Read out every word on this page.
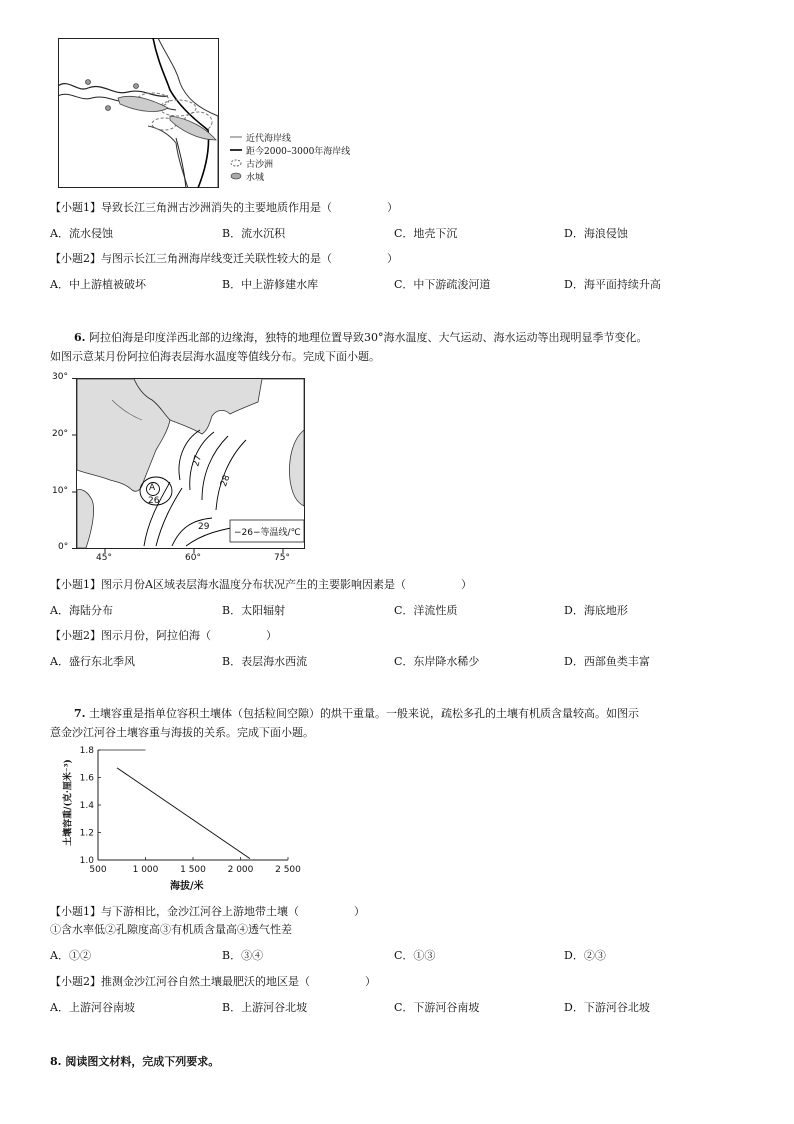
近代海岸线
距今2000–3000年海岸线
古沙洲
水城
【小题1】导致长江三角洲古沙洲消失的主要地质作用是（　　　　　）
A．流水侵蚀	B．流水沉积	C．地壳下沉	D．海浪侵蚀
【小题2】与图示长江三角洲海岸线变迁关联性较大的是（　　　　　）
A．中上游植被破坏	B．中上游修建水库	C．中下游疏浚河道	D．海平面持续升高
6. 阿拉伯海是印度洋西北部的边缘海，独特的地理位置导致30°海水温度、大气运动、海水运动等出现明显季节变化。
如图示意某月份阿拉伯海表层海水温度等值线分布。完成下面小题。
30°
20°
10°
0°
45°	60°	75°
27
28
26
29
A
−26−等温线/℃
【小题1】图示月份A区域表层海水温度分布状况产生的主要影响因素是（　　　　　）
A．海陆分布	B．太阳辐射	C．洋流性质	D．海底地形
【小题2】图示月份，阿拉伯海（　　　　　）
A．盛行东北季风	B．表层海水西流	C．东岸降水稀少	D．西部鱼类丰富
7. 土壤容重是指单位容积土壤体（包括粒间空隙）的烘干重量。一般来说，疏松多孔的土壤有机质含量较高。如图示
意金沙江河谷土壤容重与海拔的关系。完成下面小题。
500	1 000 1 500 2 000 2 500
1.0
1.2
1.4
1.6
1.8
土壤容重/(克·厘米⁻³)
海拔/米
【小题1】与下游相比，金沙江河谷上游地带土壤（　　　　　）
①含水率低②孔隙度高③有机质含量高④透气性差
A．①②	B．③④	C．①③	D．②③
【小题2】推测金沙江河谷自然土壤最肥沃的地区是（　　　　　）
A．上游河谷南坡	B．上游河谷北坡	C．下游河谷南坡	D．下游河谷北坡
8. 阅读图文材料，完成下列要求。
